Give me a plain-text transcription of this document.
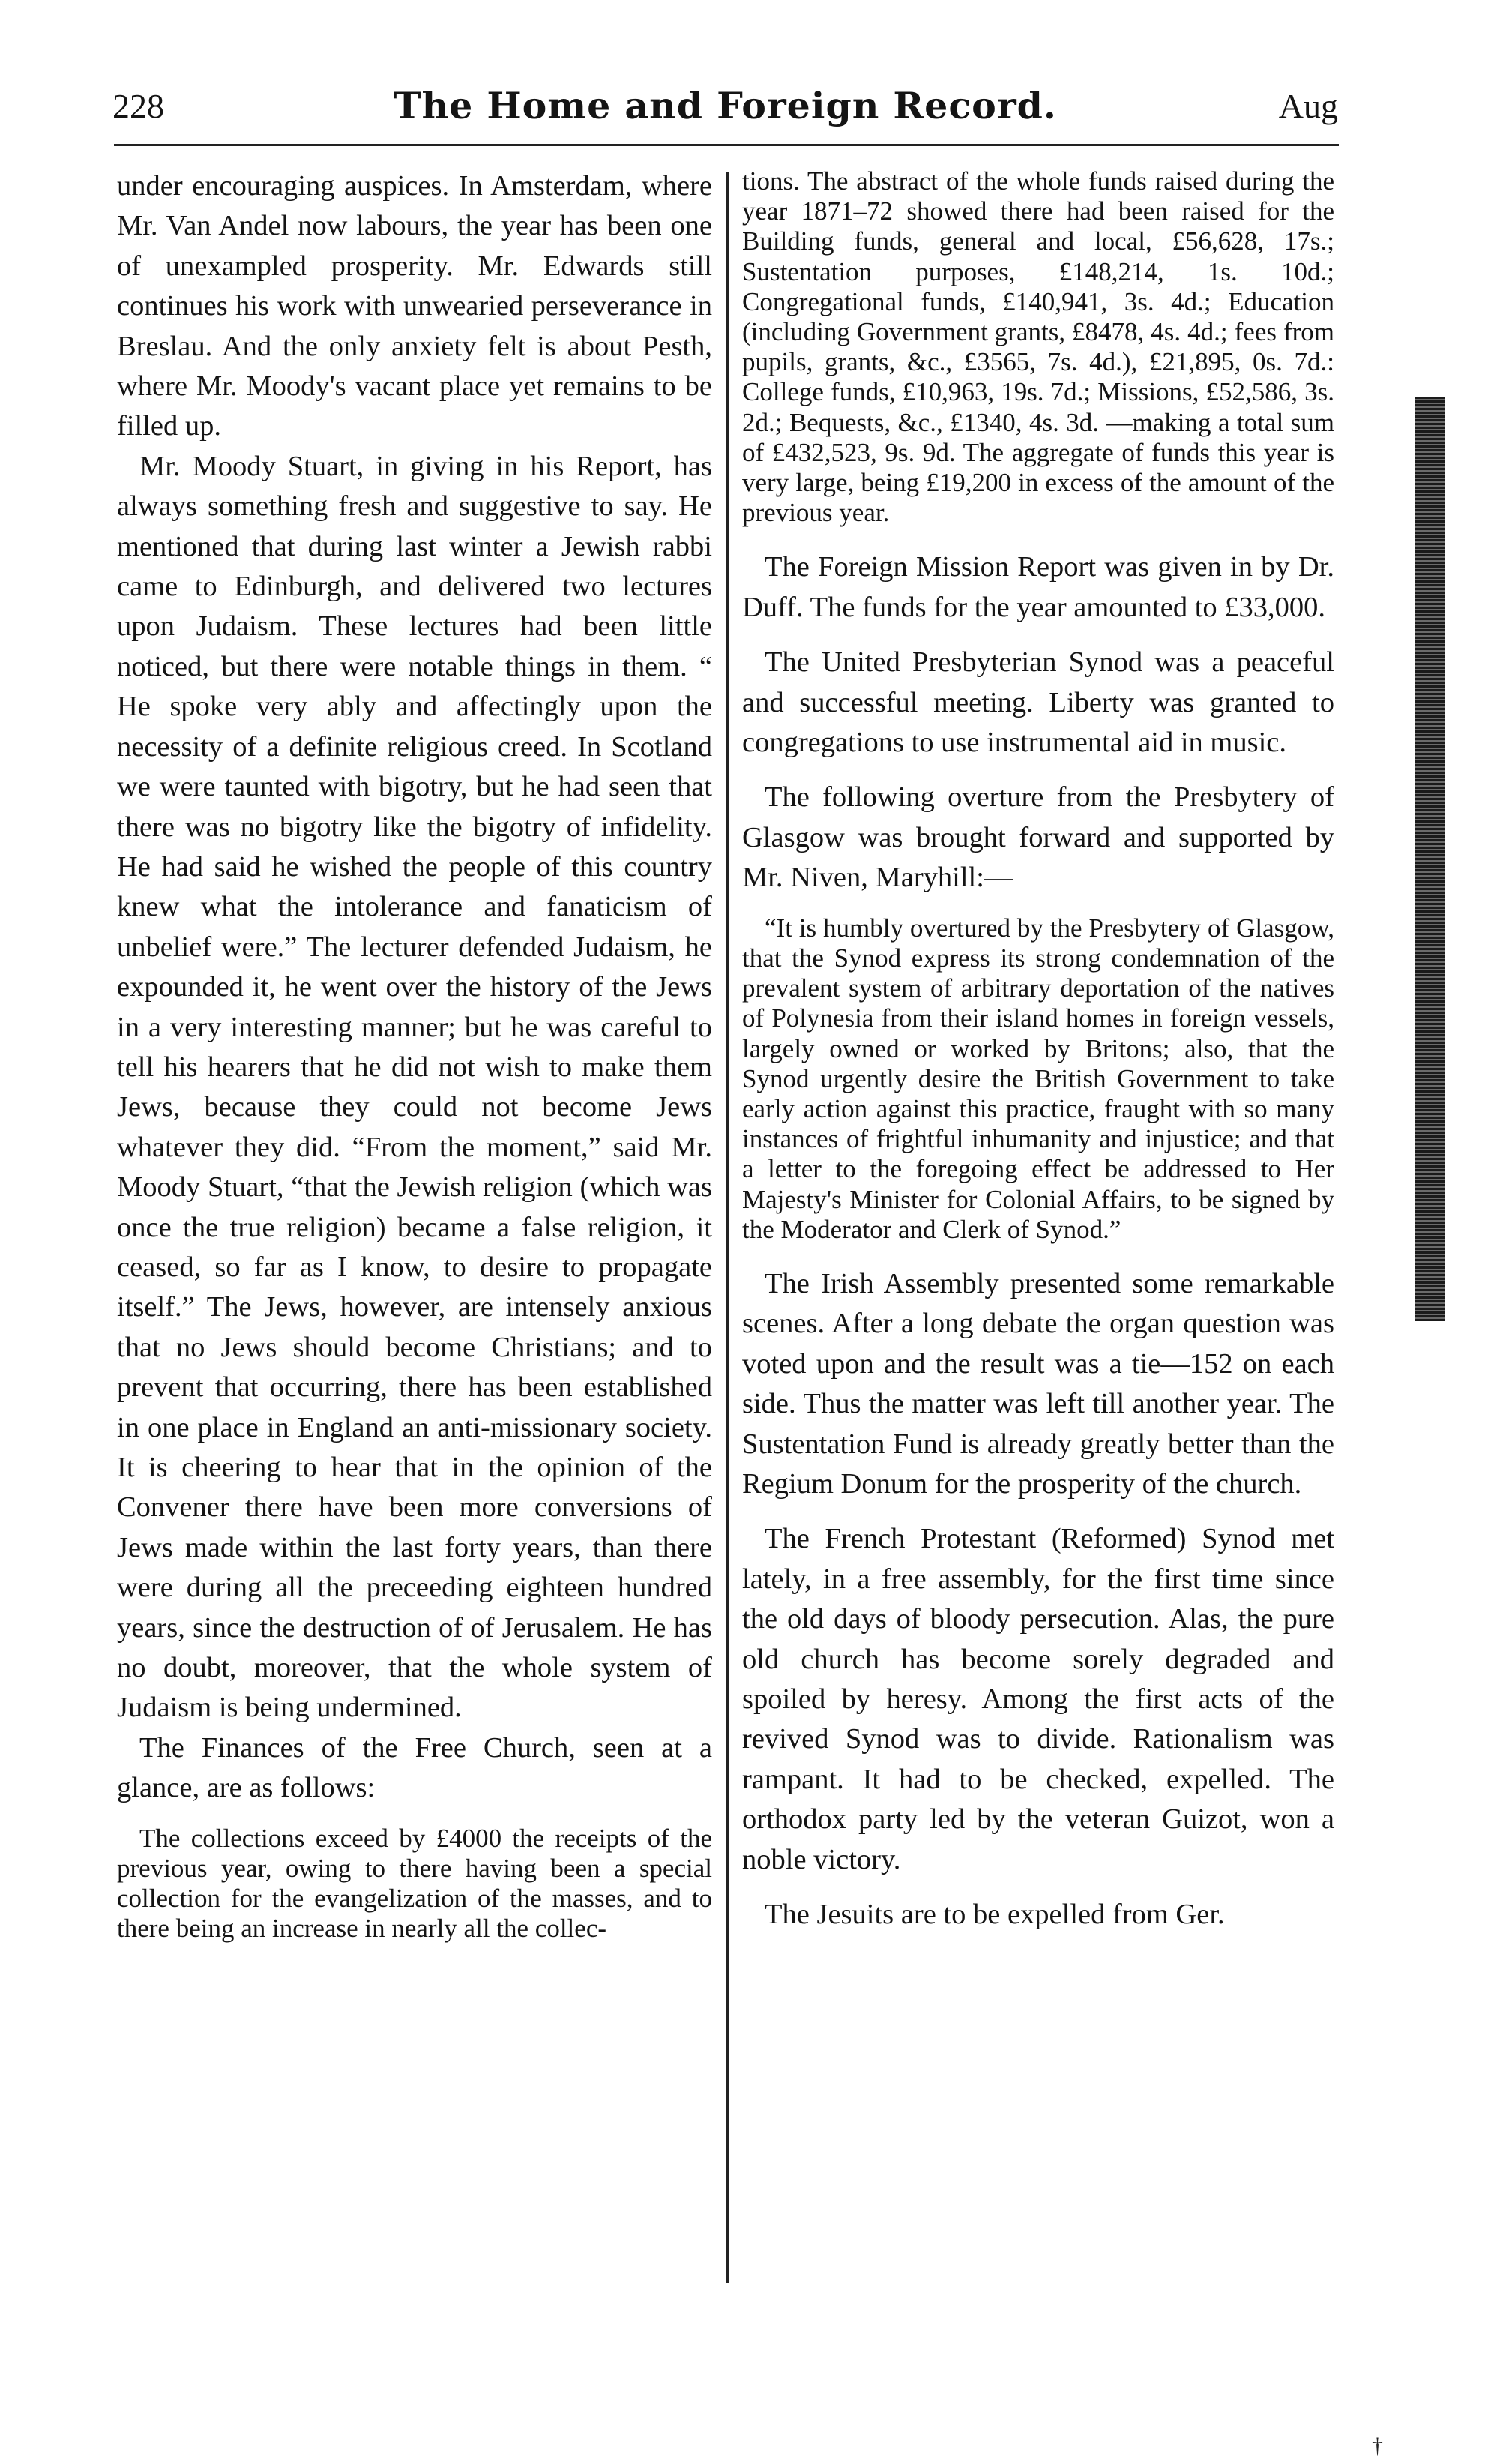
228	The Home and Foreign Record.	Aug

under encouraging auspices. In Amsterdam, where Mr. Van Andel now labours, the year has been one of unexampled prosperity. Mr. Edwards still continues his work with unwearied perseverance in Breslau. And the only anxiety felt is about Pesth, where Mr. Moody's vacant place yet remains to be filled up.

Mr. Moody Stuart, in giving in his Report, has always something fresh and suggestive to say. He mentioned that during last winter a Jewish rabbi came to Edinburgh, and delivered two lectures upon Judaism. These lectures had been little noticed, but there were notable things in them. “ He spoke very ably and affectingly upon the necessity of a definite religious creed. In Scotland we were taunted with bigotry, but he had seen that there was no bigotry like the bigotry of infidelity. He had said he wished the people of this country knew what the intolerance and fanaticism of unbelief were.” The lecturer defended Judaism, he expounded it, he went over the history of the Jews in a very interesting manner; but he was careful to tell his hearers that he did not wish to make them Jews, because they could not become Jews whatever they did. “From the moment,” said Mr. Moody Stuart, “that the Jewish religion (which was once the true religion) became a false religion, it ceased, so far as I know, to desire to propagate itself.” The Jews, however, are intensely anxious that no Jews should become Christians; and to prevent that occurring, there has been established in one place in England an anti-missionary society. It is cheering to hear that in the opinion of the Convener there have been more conversions of Jews made within the last forty years, than there were during all the preceeding eighteen hundred years, since the destruction of of Jerusalem. He has no doubt, moreover, that the whole system of Judaism is being undermined.

The Finances of the Free Church, seen at a glance, are as follows:

The collections exceed by £4000 the receipts of the previous year, owing to there having been a special collection for the evangelization of the masses, and to there being an increase in nearly all the collec-

tions. The abstract of the whole funds raised during the year 1871–72 showed there had been raised for the Building funds, general and local, £56,628, 17s.; Sustentation purposes, £148,214, 1s. 10d.; Congregational funds, £140,941, 3s. 4d.; Education (including Government grants, £8478, 4s. 4d.; fees from pupils, grants, &c., £3565, 7s. 4d.), £21,895, 0s. 7d.: College funds, £10,963, 19s. 7d.; Missions, £52,586, 3s. 2d.; Bequests, &c., £1340, 4s. 3d. —making a total sum of £432,523, 9s. 9d. The aggregate of funds this year is very large, being £19,200 in excess of the amount of the previous year.

The Foreign Mission Report was given in by Dr. Duff. The funds for the year amounted to £33,000.

The United Presbyterian Synod was a peaceful and successful meeting. Liberty was granted to congregations to use instrumental aid in music.

The following overture from the Presbytery of Glasgow was brought forward and supported by Mr. Niven, Maryhill:—

“It is humbly overtured by the Presbytery of Glasgow, that the Synod express its strong condemnation of the prevalent system of arbitrary deportation of the natives of Polynesia from their island homes in foreign vessels, largely owned or worked by Britons; also, that the Synod urgently desire the British Government to take early action against this practice, fraught with so many instances of frightful inhumanity and injustice; and that a letter to the foregoing effect be addressed to Her Majesty's Minister for Colonial Affairs, to be signed by the Moderator and Clerk of Synod.”

The Irish Assembly presented some remarkable scenes. After a long debate the organ question was voted upon and the result was a tie—152 on each side. Thus the matter was left till another year. The Sustentation Fund is already greatly better than the Regium Donum for the prosperity of the church.

The French Protestant (Reformed) Synod met lately, in a free assembly, for the first time since the old days of bloody persecution. Alas, the pure old church has become sorely degraded and spoiled by heresy. Among the first acts of the revived Synod was to divide. Rationalism was rampant. It had to be checked, expelled. The orthodox party led by the veteran Guizot, won a noble victory.

The Jesuits are to be expelled from Ger.

†
